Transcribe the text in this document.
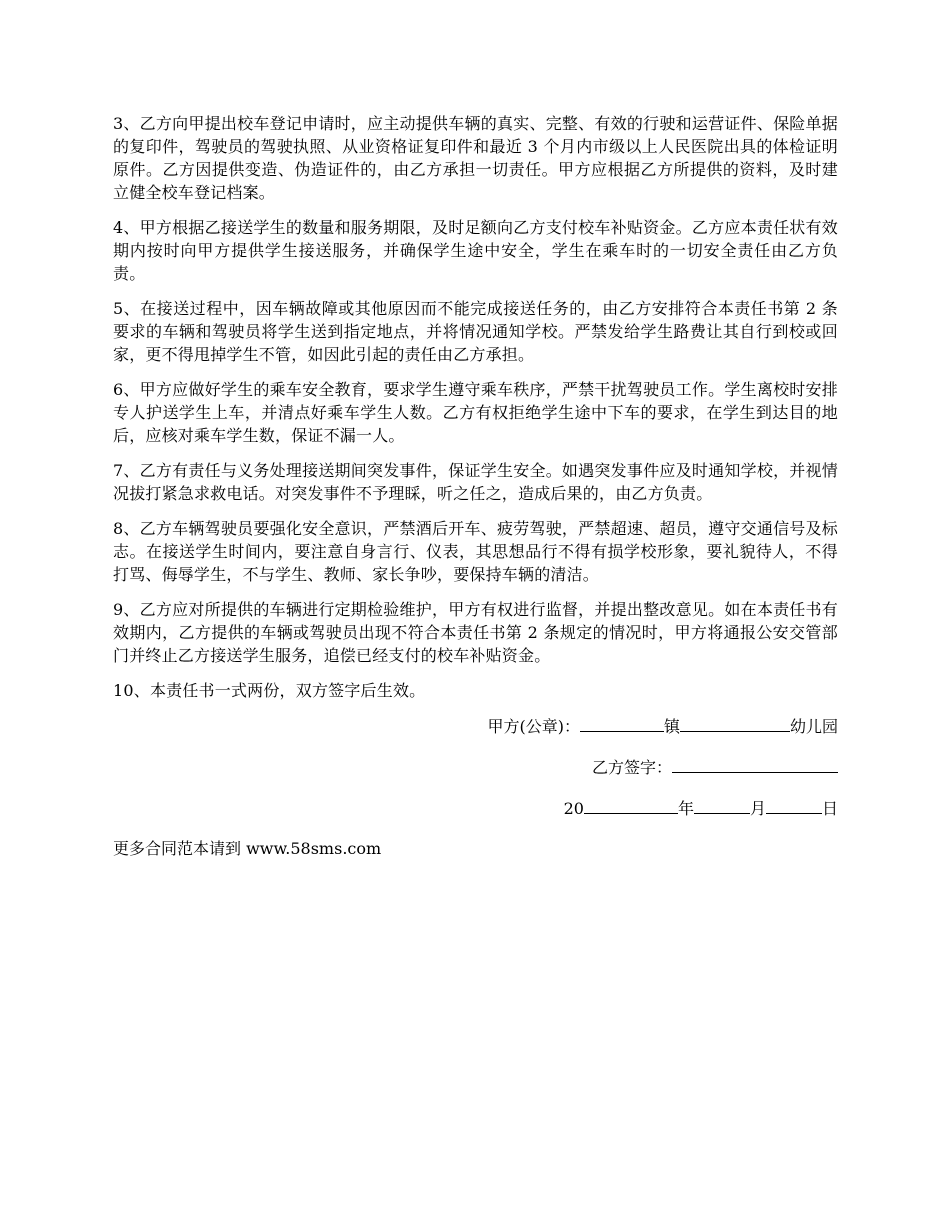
3、乙方向甲提出校车登记申请时，应主动提供车辆的真实、完整、有效的行驶和运营证件、保险单据的复印件，驾驶员的驾驶执照、从业资格证复印件和最近 3 个月内市级以上人民医院出具的体检证明原件。乙方因提供变造、伪造证件的，由乙方承担一切责任。甲方应根据乙方所提供的资料，及时建立健全校车登记档案。

4、甲方根据乙接送学生的数量和服务期限，及时足额向乙方支付校车补贴资金。乙方应本责任状有效期内按时向甲方提供学生接送服务，并确保学生途中安全，学生在乘车时的一切安全责任由乙方负责。

5、在接送过程中，因车辆故障或其他原因而不能完成接送任务的，由乙方安排符合本责任书第 2 条要求的车辆和驾驶员将学生送到指定地点，并将情况通知学校。严禁发给学生路费让其自行到校或回家，更不得甩掉学生不管，如因此引起的责任由乙方承担。

6、甲方应做好学生的乘车安全教育，要求学生遵守乘车秩序，严禁干扰驾驶员工作。学生离校时安排专人护送学生上车，并清点好乘车学生人数。乙方有权拒绝学生途中下车的要求，在学生到达目的地后，应核对乘车学生数，保证不漏一人。

7、乙方有责任与义务处理接送期间突发事件，保证学生安全。如遇突发事件应及时通知学校，并视情况拔打紧急求救电话。对突发事件不予理睬，听之任之，造成后果的，由乙方负责。

8、乙方车辆驾驶员要强化安全意识，严禁酒后开车、疲劳驾驶，严禁超速、超员，遵守交通信号及标志。在接送学生时间内，要注意自身言行、仪表，其思想品行不得有损学校形象，要礼貌待人，不得打骂、侮辱学生，不与学生、教师、家长争吵，要保持车辆的清洁。

9、乙方应对所提供的车辆进行定期检验维护，甲方有权进行监督，并提出整改意见。如在本责任书有效期内，乙方提供的车辆或驾驶员出现不符合本责任书第 2 条规定的情况时，甲方将通报公安交管部门并终止乙方接送学生服务，追偿已经支付的校车补贴资金。

10、本责任书一式两份，双方签字后生效。

甲方(公章)：	镇	幼儿园
乙方签字：
20	年	月	日
更多合同范本请到 www.58sms.com
